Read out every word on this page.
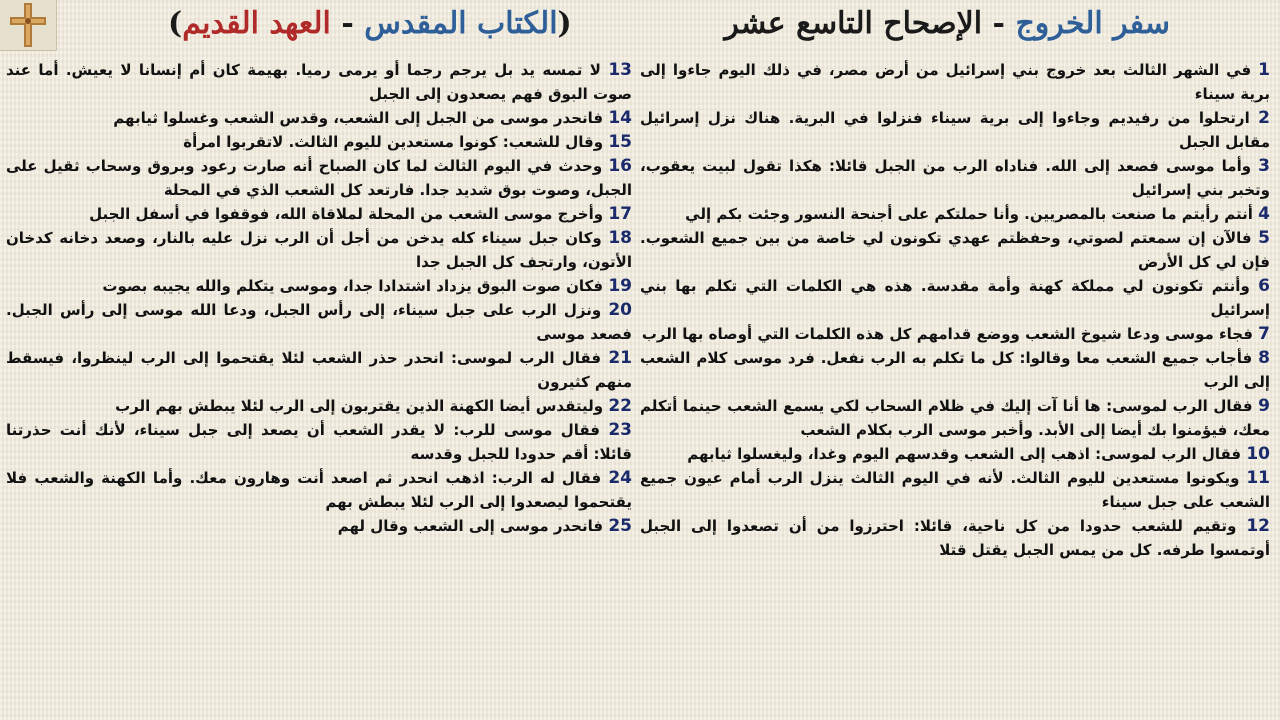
سفر الخروج - الإصحاح التاسع عشر
(الكتاب المقدس - العهد القديم)

1 في الشهر الثالث بعد خروج بني إسرائيل من أرض مصر، في ذلك اليوم جاءوا إلى برية سيناء

2 ارتحلوا من رفيديم وجاءوا إلى برية سيناء فنزلوا في البرية. هناك نزل إسرائيل مقابل الجبل

3 وأما موسى فصعد إلى الله. فناداه الرب من الجبل قائلا: هكذا تقول لبيت يعقوب، وتخبر بني إسرائيل

4 أنتم رأيتم ما صنعت بالمصريين. وأنا حملتكم على أجنحة النسور وجئت بكم إلي

5 فالآن إن سمعتم لصوتي، وحفظتم عهدي تكونون لي خاصة من بين جميع الشعوب. فإن لي كل الأرض

6 وأنتم تكونون لي مملكة كهنة وأمة مقدسة. هذه هي الكلمات التي تكلم بها بني إسرائيل

7 فجاء موسى ودعا شيوخ الشعب ووضع قدامهم كل هذه الكلمات التي أوصاه بها الرب

8 فأجاب جميع الشعب معا وقالوا: كل ما تكلم به الرب نفعل. فرد موسى كلام الشعب إلى الرب

9 فقال الرب لموسى: ها أنا آت إليك في ظلام السحاب لكي يسمع الشعب حينما أتكلم معك، فيؤمنوا بك أيضا إلى الأبد. وأخبر موسى الرب بكلام الشعب

10 فقال الرب لموسى: اذهب إلى الشعب وقدسهم اليوم وغدا، وليغسلوا ثيابهم

11 ويكونوا مستعدين لليوم الثالث. لأنه في اليوم الثالث ينزل الرب أمام عيون جميع الشعب على جبل سيناء

12 وتقيم للشعب حدودا من كل ناحية، قائلا: احترزوا من أن تصعدوا إلى الجبل أوتمسوا طرفه. كل من يمس الجبل يقتل قتلا

13 لا تمسه يد بل يرجم رجما أو يرمى رميا. بهيمة كان أم إنسانا لا يعيش. أما عند صوت البوق فهم يصعدون إلى الجبل

14 فانحدر موسى من الجبل إلى الشعب، وقدس الشعب وغسلوا ثيابهم

15 وقال للشعب: كونوا مستعدين لليوم الثالث. لاتقربوا امرأة

16 وحدث في اليوم الثالث لما كان الصباح أنه صارت رعود وبروق وسحاب ثقيل على الجبل، وصوت بوق شديد جدا. فارتعد كل الشعب الذي في المحلة

17 وأخرج موسى الشعب من المحلة لملاقاة الله، فوقفوا في أسفل الجبل

18 وكان جبل سيناء كله يدخن من أجل أن الرب نزل عليه بالنار، وصعد دخانه كدخان الأتون، وارتجف كل الجبل جدا

19 فكان صوت البوق يزداد اشتدادا جدا، وموسى يتكلم والله يجيبه بصوت

20 ونزل الرب على جبل سيناء، إلى رأس الجبل، ودعا الله موسى إلى رأس الجبل. فصعد موسى

21 فقال الرب لموسى: انحدر حذر الشعب لئلا يقتحموا إلى الرب لينظروا، فيسقط منهم كثيرون

22 وليتقدس أيضا الكهنة الذين يقتربون إلى الرب لئلا يبطش بهم الرب

23 فقال موسى للرب: لا يقدر الشعب أن يصعد إلى جبل سيناء، لأنك أنت حذرتنا قائلا: أقم حدودا للجبل وقدسه

24 فقال له الرب: اذهب انحدر ثم اصعد أنت وهارون معك. وأما الكهنة والشعب فلا يقتحموا ليصعدوا إلى الرب لئلا يبطش بهم

25 فانحدر موسى إلى الشعب وقال لهم
